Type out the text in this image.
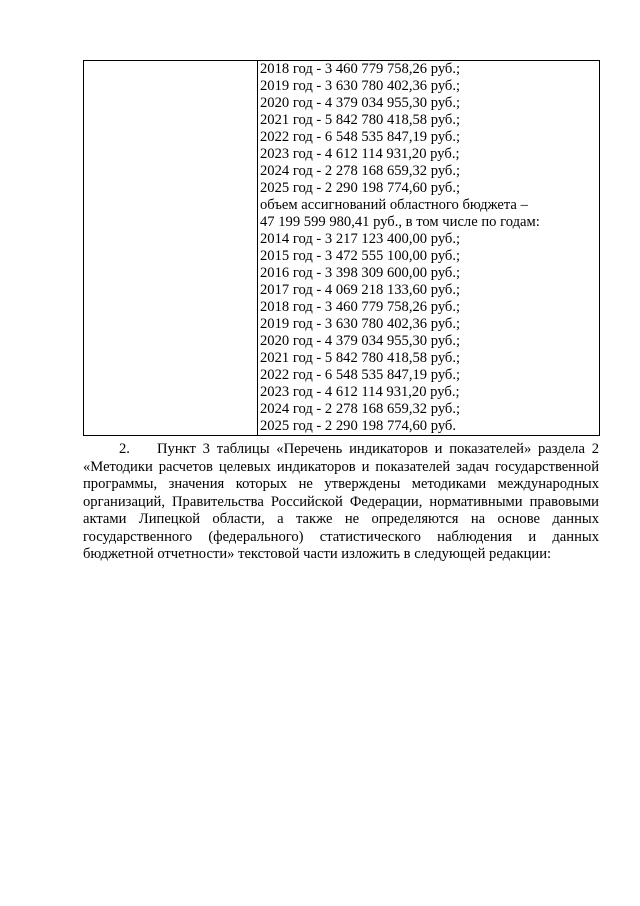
2018 год - 3 460 779 758,26 руб.;
2019 год - 3 630 780 402,36 руб.;
2020 год - 4 379 034 955,30 руб.;
2021 год - 5 842 780 418,58 руб.;
2022 год - 6 548 535 847,19 руб.;
2023 год - 4 612 114 931,20 руб.;
2024 год - 2 278 168 659,32 руб.;
2025 год - 2 290 198 774,60 руб.;
объем ассигнований областного бюджета –
47 199 599 980,41 руб., в том числе по годам:
2014 год - 3 217 123 400,00 руб.;
2015 год - 3 472 555 100,00 руб.;
2016 год - 3 398 309 600,00 руб.;
2017 год - 4 069 218 133,60 руб.;
2018 год - 3 460 779 758,26 руб.;
2019 год - 3 630 780 402,36 руб.;
2020 год - 4 379 034 955,30 руб.;
2021 год - 5 842 780 418,58 руб.;
2022 год - 6 548 535 847,19 руб.;
2023 год - 4 612 114 931,20 руб.;
2024 год - 2 278 168 659,32 руб.;
2025 год - 2 290 198 774,60 руб.
2. Пункт 3 таблицы «Перечень индикаторов и показателей» раздела 2 «Методики расчетов целевых индикаторов и показателей задач государственной программы, значения которых не утверждены методиками международных организаций, Правительства Российской Федерации, нормативными правовыми актами Липецкой области, а также не определяются на основе данных государственного (федерального) статистического наблюдения и данных бюджетной отчетности» текстовой части изложить в следующей редакции:
